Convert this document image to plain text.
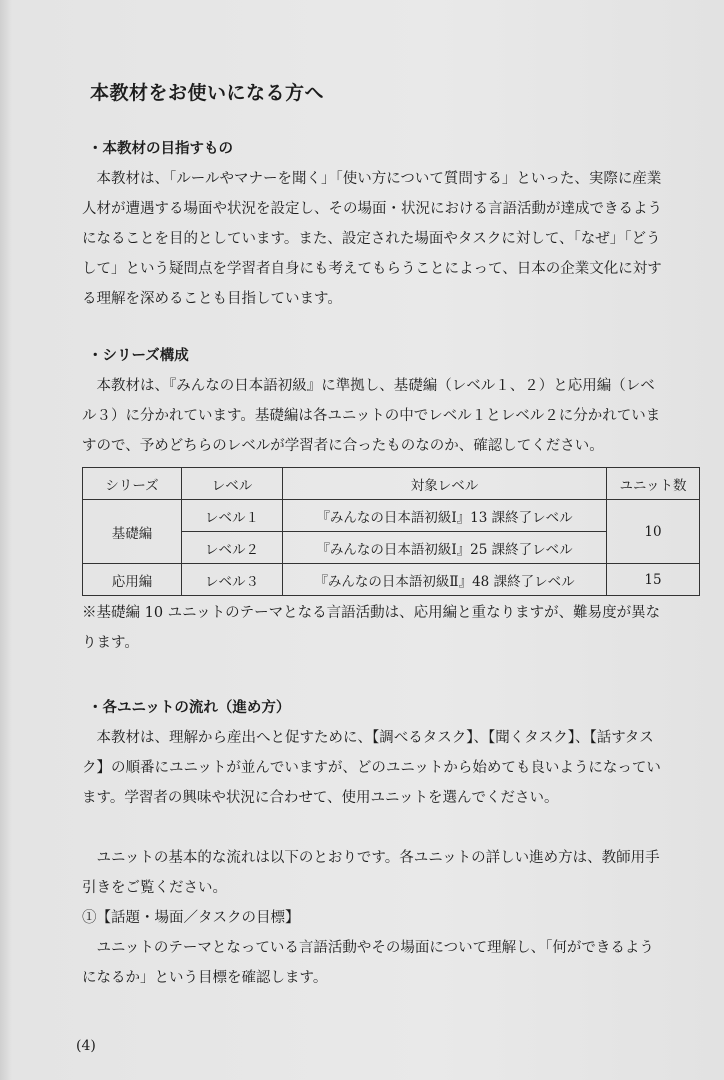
本教材をお使いになる方へ
・本教材の目指すもの

　本教材は、「ルールやマナーを聞く」「使い方について質問する」といった、実際に産業

人材が遭遇する場面や状況を設定し、その場面・状況における言語活動が達成できるよう

になることを目的としています。また、設定された場面やタスクに対して、「なぜ」「どう

して」という疑問点を学習者自身にも考えてもらうことによって、日本の企業文化に対す

る理解を深めることも目指しています。

・シリーズ構成

　本教材は、『みんなの日本語初級』に準拠し、基礎編（レベル１、２）と応用編（レベ

ル３）に分かれています。基礎編は各ユニットの中でレベル１とレベル２に分かれていま

すので、予めどちらのレベルが学習者に合ったものなのか、確認してください。

シリーズ	レベル	対象レベル	ユニット数
基礎編	レベル１	『みんなの日本語初級Ⅰ』13 課終了レベル	10
	レベル２	『みんなの日本語初級Ⅰ』25 課終了レベル	
応用編	レベル３	『みんなの日本語初級Ⅱ』48 課終了レベル	15

※基礎編 10 ユニットのテーマとなる言語活動は、応用編と重なりますが、難易度が異な

ります。

・各ユニットの流れ（進め方）

　本教材は、理解から産出へと促すために、【調べるタスク】、【聞くタスク】、【話すタス

ク】の順番にユニットが並んでいますが、どのユニットから始めても良いようになってい

ます。学習者の興味や状況に合わせて、使用ユニットを選んでください。

　ユニットの基本的な流れは以下のとおりです。各ユニットの詳しい進め方は、教師用手

引きをご覧ください。

①【話題・場面／タスクの目標】

　ユニットのテーマとなっている言語活動やその場面について理解し、「何ができるよう

になるか」という目標を確認します。

(4)
